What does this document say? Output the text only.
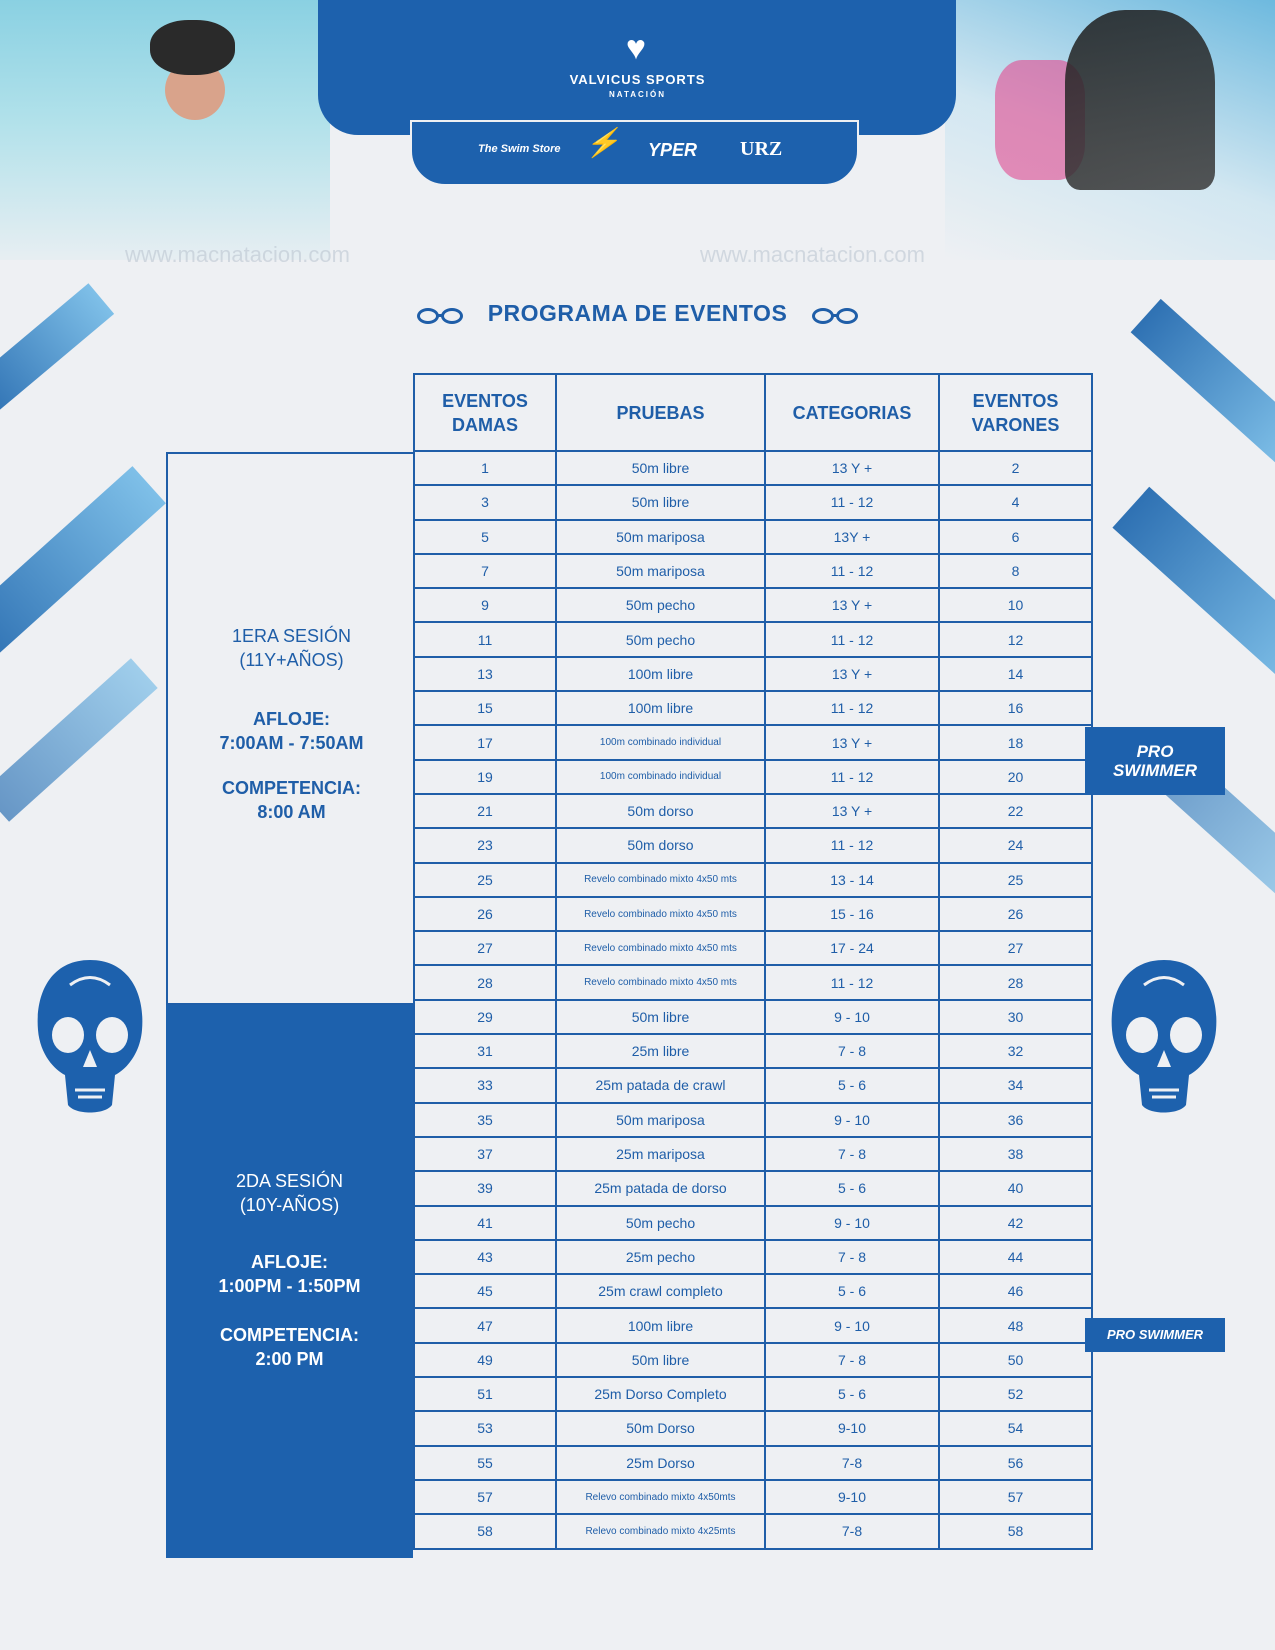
♥
VALVICUS SPORTS
NATACIÓN
The Swim Store ⚡ YPER URZ
www.macnatacion.com	www.macnatacion.com
PROGRAMA DE EVENTOS
1ERA SESIÓN
(11Y+AÑOS)
AFLOJE:
7:00AM - 7:50AM
COMPETENCIA:
8:00 AM
2DA SESIÓN
(10Y-AÑOS)
AFLOJE:
1:00PM - 1:50PM
COMPETENCIA:
2:00 PM
EVENTOS DAMAS	PRUEBAS	CATEGORIAS	EVENTOS VARONES
1	50m libre	13 Y +	2
3	50m libre	11 - 12	4
5	50m mariposa	13Y +	6
7	50m mariposa	11 - 12	8
9	50m pecho	13 Y +	10
11	50m pecho	11 - 12	12
13	100m libre	13 Y +	14
15	100m libre	11 - 12	16
17	100m combinado individual	13 Y +	18
19	100m combinado individual	11 - 12	20
21	50m dorso	13 Y +	22
23	50m dorso	11 - 12	24
25	Revelo combinado mixto 4x50 mts	13 - 14	25
26	Revelo combinado mixto 4x50 mts	15 - 16	26
27	Revelo combinado mixto 4x50 mts	17 - 24	27
28	Revelo combinado mixto 4x50 mts	11 - 12	28
29	50m libre	9 - 10	30
31	25m libre	7 - 8	32
33	25m patada de crawl	5 - 6	34
35	50m mariposa	9 - 10	36
37	25m mariposa	7 - 8	38
39	25m patada de dorso	5 - 6	40
41	50m pecho	9 - 10	42
43	25m pecho	7 - 8	44
45	25m crawl completo	5 - 6	46
47	100m libre	9 - 10	48
49	50m libre	7 - 8	50
51	25m Dorso Completo	5 - 6	52
53	50m Dorso	9-10	54
55	25m Dorso	7-8	56
57	Relevo combinado mixto 4x50mts	9-10	57
58	Relevo combinado mixto 4x25mts	7-8	58
PRO
SWIMMER
PRO SWIMMER
